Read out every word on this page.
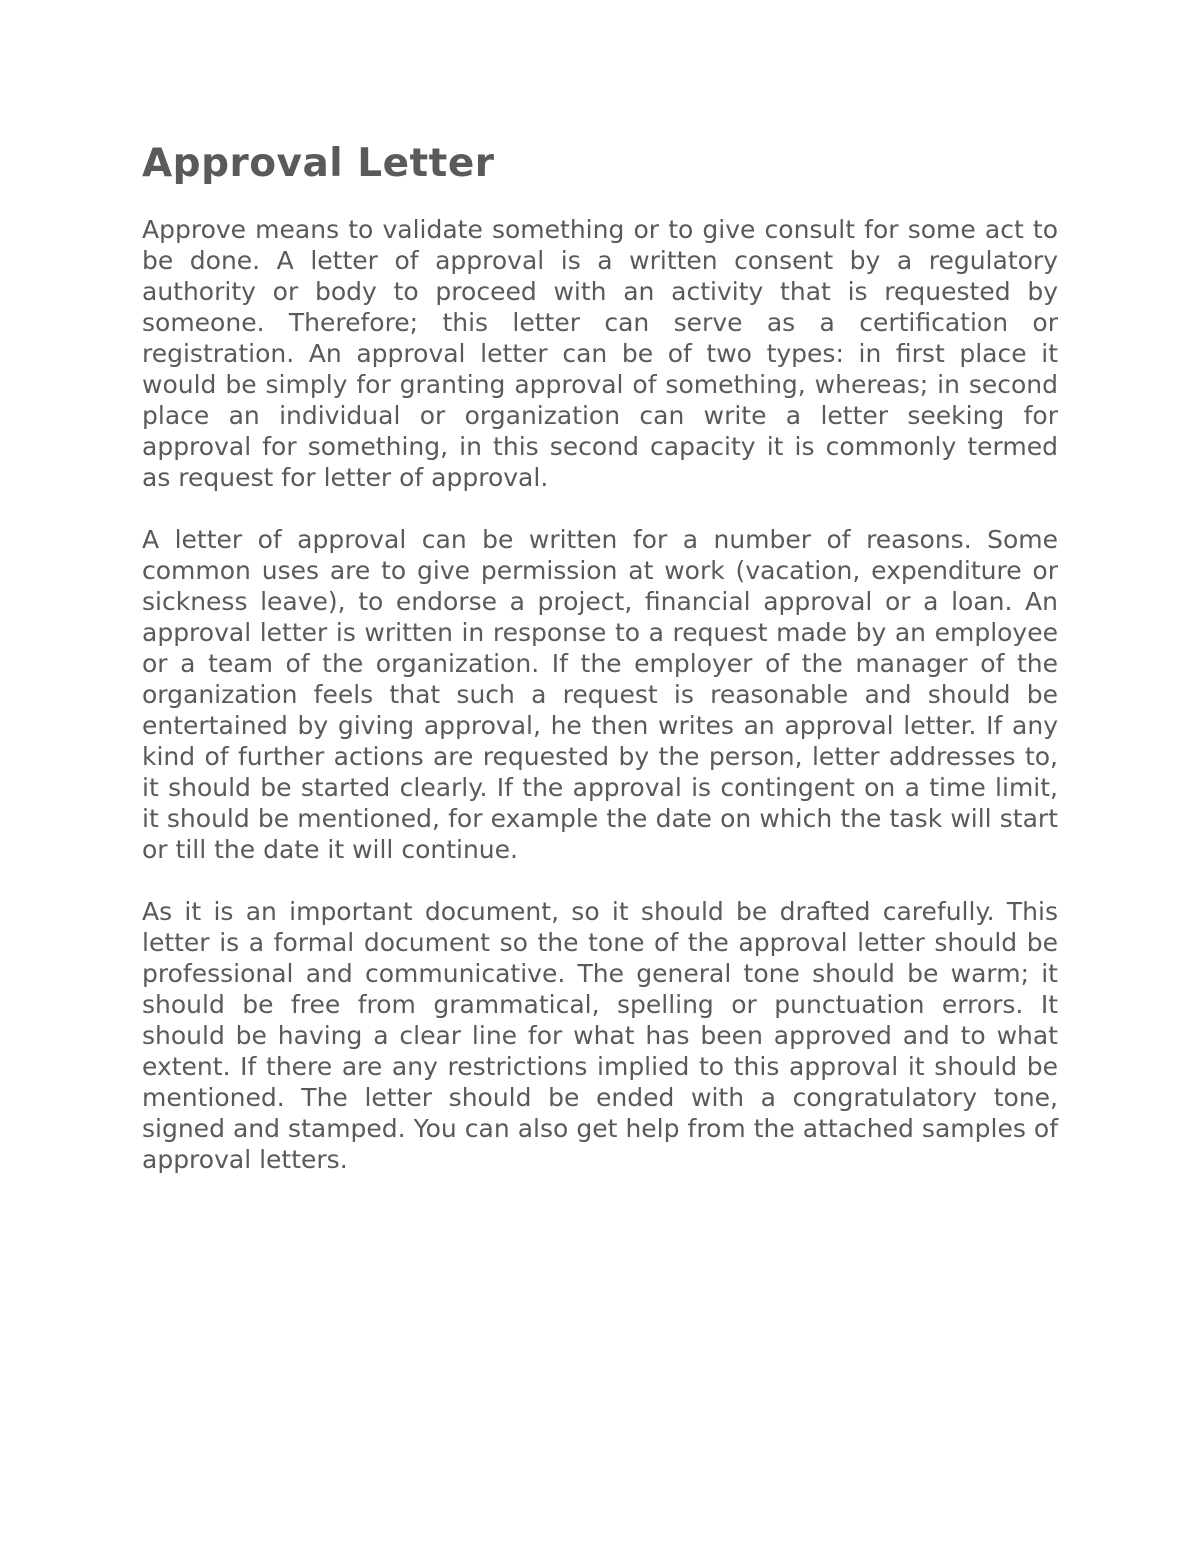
Approval Letter

Approve means to validate something or to give consult for some act to be done. A letter of approval is a written consent by a regulatory authority or body to proceed with an activity that is requested by someone. Therefore; this letter can serve as a certification or registration. An approval letter can be of two types: in first place it would be simply for granting approval of something, whereas; in second place an individual or organization can write a letter seeking for approval for something, in this second capacity it is commonly termed as request for letter of approval.

A letter of approval can be written for a number of reasons. Some common uses are to give permission at work (vacation, expenditure or sickness leave), to endorse a project, financial approval or a loan. An approval letter is written in response to a request made by an employee or a team of the organization. If the employer of the manager of the organization feels that such a request is reasonable and should be entertained by giving approval, he then writes an approval letter. If any kind of further actions are requested by the person, letter addresses to, it should be started clearly. If the approval is contingent on a time limit, it should be mentioned, for example the date on which the task will start or till the date it will continue.

As it is an important document, so it should be drafted carefully. This letter is a formal document so the tone of the approval letter should be professional and communicative. The general tone should be warm; it should be free from grammatical, spelling or punctuation errors. It should be having a clear line for what has been approved and to what extent. If there are any restrictions implied to this approval it should be mentioned. The letter should be ended with a congratulatory tone, signed and stamped. You can also get help from the attached samples of approval letters.
